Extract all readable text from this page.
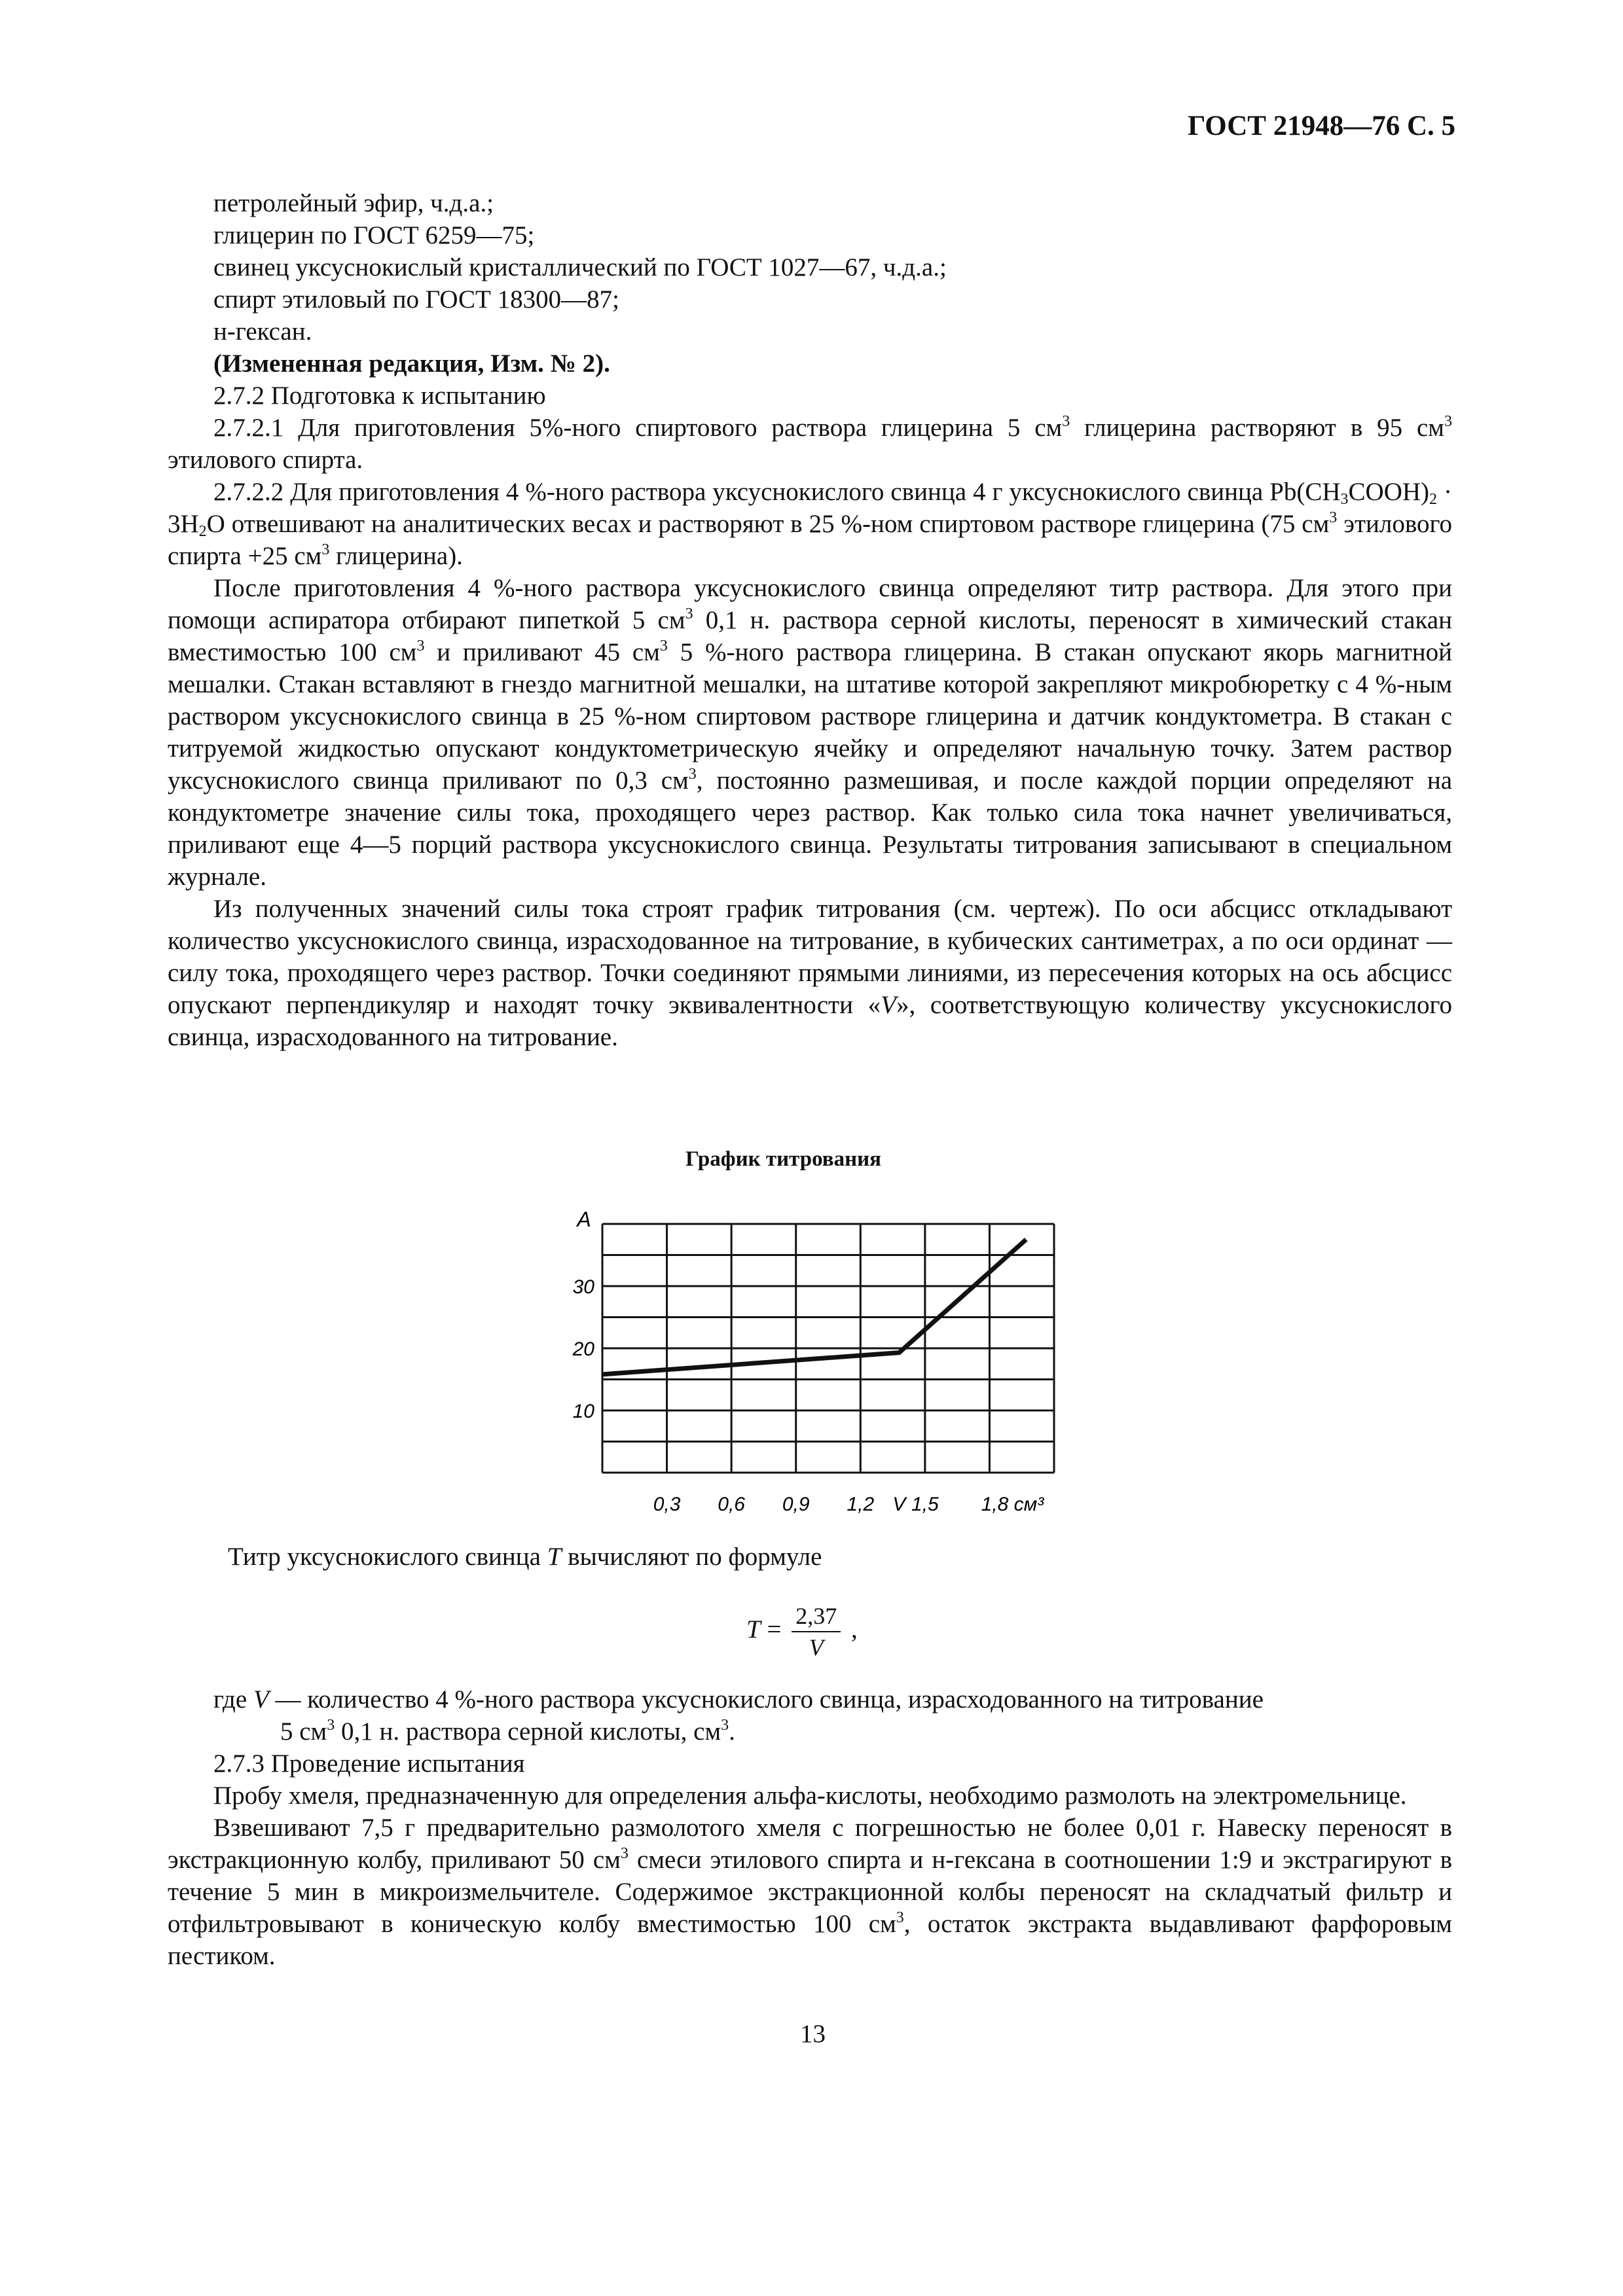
ГОСТ 21948—76 С. 5

петролейный эфир, ч.д.а.;

глицерин по ГОСТ 6259—75;

свинец уксуснокислый кристаллический по ГОСТ 1027—67, ч.д.а.;

спирт этиловый по ГОСТ 18300—87;

н-гексан.

(Измененная редакция, Изм. № 2).

2.7.2 Подготовка к испытанию

2.7.2.1 Для приготовления 5%-ного спиртового раствора глицерина 5 $см^3$ глицерина растворяют в 95 $см^3$ этилового спирта.

2.7.2.2 Для приготовления 4 %-ного раствора уксуснокислого свинца 4 г уксуснокислого свинца $Pb(CH_3COOH)_2 \cdot 3H_2O$ отвешивают на аналитических весах и растворяют в 25 %-ном спиртовом растворе глицерина (75 $см^3$ этилового спирта +25 $см^3$ глицерина).

После приготовления 4 %-ного раствора уксуснокислого свинца определяют титр раствора. Для этого при помощи аспиратора отбирают пипеткой 5 $см^3$ 0,1 н. раствора серной кислоты, переносят в химический стакан вместимостью 100 $см^3$ и приливают 45 $см^3$ 5 %-ного раствора глицерина. В стакан опускают якорь магнитной мешалки. Стакан вставляют в гнездо магнитной мешалки, на штативе которой закрепляют микробюретку с 4 %-ным раствором уксуснокислого свинца в 25 %-ном спиртовом растворе глицерина и датчик кондуктометра. В стакан с титруемой жидкостью опускают кондуктометрическую ячейку и определяют начальную точку. Затем раствор уксуснокислого свинца приливают по 0,3 $см^3$, постоянно размешивая, и после каждой порции определяют на кондуктометре значение силы тока, проходящего через раствор. Как только сила тока начнет увеличиваться, приливают еще 4—5 порций раствора уксуснокислого свинца. Результаты титрования записывают в специальном журнале.

Из полученных значений силы тока строят график титрования (см. чертеж). По оси абсцисс откладывают количество уксуснокислого свинца, израсходованное на титрование, в кубических сантиметрах, а по оси ординат — силу тока, проходящего через раствор. Точки соединяют прямыми линиями, из пересечения которых на ось абсцисс опускают перпендикуляр и находят точку эквивалентности «V», соответствующую количеству уксуснокислого свинца, израсходованного на титрование.

График титрования
A
10
20
30
0,3 0,6 0,9 1,2 V 1,5 1,8 см³
Титр уксуснокислого свинца T вычисляют по формуле
$T = \frac{2,37}{V}$ ,

где V — количество 4 %-ного раствора уксуснокислого свинца, израсходованного на титрование

5 $см^3$ 0,1 н. раствора серной кислоты, $см^3$.

2.7.3 Проведение испытания

Пробу хмеля, предназначенную для определения альфа-кислоты, необходимо размолоть на электромельнице.

Взвешивают 7,5 г предварительно размолотого хмеля с погрешностью не более 0,01 г. Навеску переносят в экстракционную колбу, приливают 50 $см^3$ смеси этилового спирта и н-гексана в соотношении 1:9 и экстрагируют в течение 5 мин в микроизмельчителе. Содержимое экстракционной колбы переносят на складчатый фильтр и отфильтровывают в коническую колбу вместимостью 100 $см^3$, остаток экстракта выдавливают фарфоровым пестиком.

13
